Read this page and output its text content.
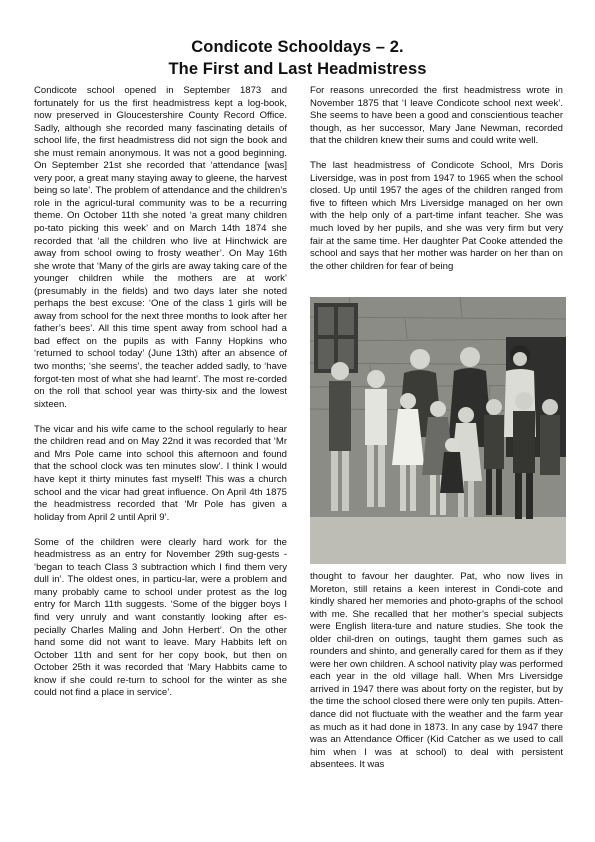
Condicote Schooldays – 2.
The First and Last Headmistress

Condicote school opened in September 1873 and fortunately for us the first headmistress kept a log-book, now preserved in Gloucestershire County Record Office. Sadly, although she recorded many fascinating details of school life, the first headmistress did not sign the book and she must remain anonymous. It was not a good beginning. On September 21st she recorded that ‘attendance [was] very poor, a great many staying away to gleene, the harvest being so late’. The problem of attendance and the children’s role in the agricul-tural community was to be a recurring theme. On October 11th she noted ‘a great many children po-tato picking this week’ and on March 14th 1874 she recorded that ‘all the children who live at Hinchwick are away from school owing to frosty weather’. On May 16th she wrote that ‘Many of the girls are away taking care of the younger children while the mothers are at work’ (presumably in the fields) and two days later she noted perhaps the best excuse: ‘One of the class 1 girls will be away from school for the next three months to look after her father’s bees’. All this time spent away from school had a bad effect on the pupils as with Fanny Hopkins who ‘returned to school today’ (June 13th) after an absence of two months; ‘she seems’, the teacher added sadly, to ‘have forgot-ten most of what she had learnt’. The most re-corded on the roll that school year was thirty-six and the lowest sixteen.

The vicar and his wife came to the school regularly to hear the children read and on May 22nd it was recorded that ‘Mr and Mrs Pole came into school this afternoon and found that the school clock was ten minutes slow’. I think I would have kept it thirty minutes fast myself! This was a church school and the vicar had great influence. On April 4th 1875 the headmistress recorded that ‘Mr Pole has given a holiday from April 2 until April 9’.

Some of the children were clearly hard work for the headmistress as an entry for November 29th sug-gests - ‘began to teach Class 3 subtraction which I find them very dull in’. The oldest ones, in particu-lar, were a problem and many probably came to school under protest as the log entry for March 11th suggests. ‘Some of the bigger boys I find very unruly and want constantly looking after es-pecially Charles Maling and John Herbert’. On the other hand some did not want to leave. Mary Habbits left on October 11th and sent for her copy book, but then on October 25th it was recorded that ‘Mary Habbits came to know if she could re-turn to school for the winter as she could not find a place in service’.

For reasons unrecorded the first headmistress wrote in November 1875 that ‘I leave Condicote school next week’. She seems to have been a good and conscientious teacher though, as her successor, Mary Jane Newman, recorded that the children knew their sums and could write well.

The last headmistress of Condicote School, Mrs Doris Liversidge, was in post from 1947 to 1965 when the school closed. Up until 1957 the ages of the children ranged from five to fifteen which Mrs Liversidge managed on her own with the help only of a part-time infant teacher. She was much loved by her pupils, and she was very firm but very fair at the same time. Her daughter Pat Cooke attended the school and says that her mother was harder on her than on the other children for fear of being

thought to favour her daughter. Pat, who now lives in Moreton, still retains a keen interest in Condi-cote and kindly shared her memories and photo-graphs of the school with me. She recalled that her mother’s special subjects were English litera-ture and nature studies. She took the older chil-dren on outings, taught them games such as rounders and shinto, and generally cared for them as if they were her own children. A school nativity play was performed each year in the old village hall. When Mrs Liversidge arrived in 1947 there was about forty on the register, but by the time the school closed there were only ten pupils. Atten-dance did not fluctuate with the weather and the farm year as much as it had done in 1873. In any case by 1947 there was an Attendance Officer (Kid Catcher as we used to call him when I was at school) to deal with persistent absentees. It was
